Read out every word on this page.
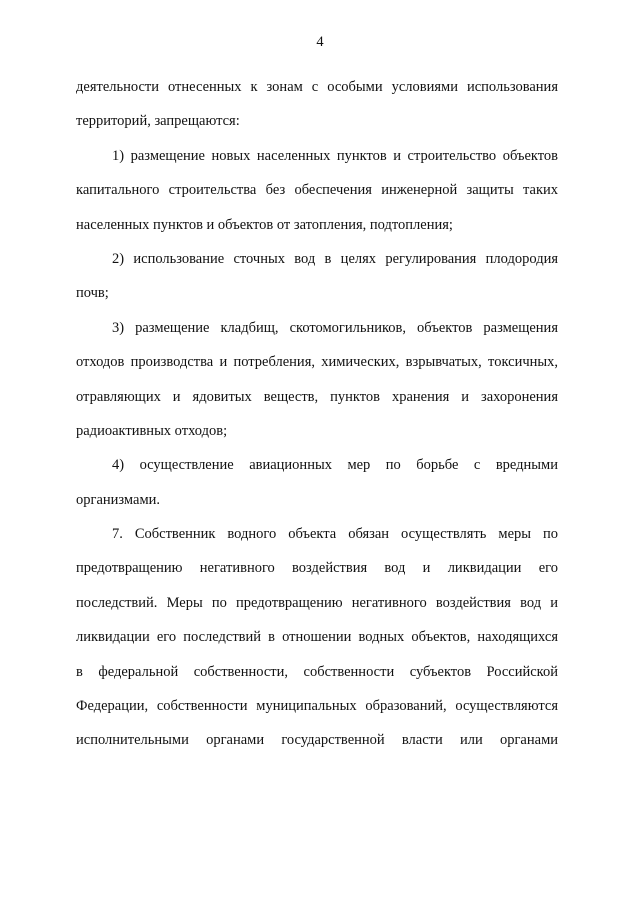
4
деятельности отнесенных к зонам с особыми условиями использования
территорий, запрещаются:
1) размещение новых населенных пунктов и строительство объектов
капитального строительства без обеспечения инженерной защиты таких
населенных пунктов и объектов от затопления, подтопления;
2) использование сточных вод в целях регулирования плодородия
почв;
3) размещение кладбищ, скотомогильников, объектов размещения
отходов производства и потребления, химических, взрывчатых, токсичных,
отравляющих и ядовитых веществ, пунктов хранения и захоронения
радиоактивных отходов;
4) осуществление авиационных мер по борьбе с вредными
организмами.
7. Собственник водного объекта обязан осуществлять меры по
предотвращению негативного воздействия вод и ликвидации его
последствий. Меры по предотвращению негативного воздействия вод и
ликвидации его последствий в отношении водных объектов, находящихся
в федеральной собственности, собственности субъектов Российской
Федерации, собственности муниципальных образований, осуществляются
исполнительными органами государственной власти или органами
